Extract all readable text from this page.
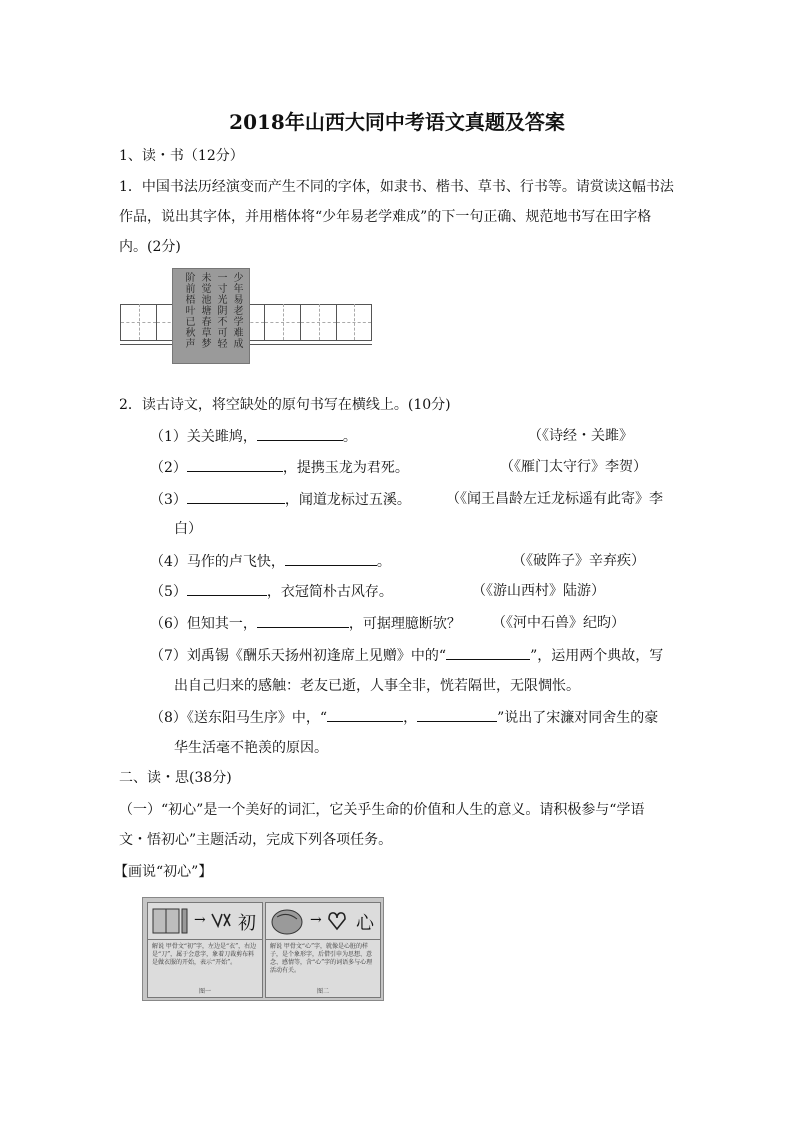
2018年山西大同中考语文真题及答案
1、读・书（12分）
1．中国书法历经演变而产生不同的字体，如隶书、楷书、草书、行书等。请赏读这幅书法
作品，说出其字体，并用楷体将“少年易老学难成”的下一句正确、规范地书写在田字格
内。(2分)
少年易老学难成
一寸光阴不可轻
未觉池塘春草梦
阶前梧叶已秋声
2．读古诗文，将空缺处的原句书写在横线上。(10分)
（1）关关雎鸠，	。	（《诗经・关雎》
（2）	，提携玉龙为君死。	（《雁门太守行》李贺）
（3）	，闻道龙标过五溪。	（《闻王昌龄左迁龙标遥有此寄》李
白）
（4）马作的卢飞快，	。	（《破阵子》辛弃疾）
（5）	，衣冠简朴古风存。	（《游山西村》陆游）
（6）但知其一，	，可据理臆断欤？ （《河中石兽》纪昀）
（7）刘禹锡《酬乐天扬州初逢席上见赠》中的“	”，运用两个典故，写
出自己归来的感触：老友已逝，人事全非，恍若隔世，无限惆怅。
（8）《送东阳马生序》中，“	，	”说出了宋濂对同舍生的豪
华生活毫不艳羡的原因。
二、读・思(38分)
（一）“初心”是一个美好的词汇，它关乎生命的价值和人生的意义。请积极参与“学语
文・悟初心”主题活动，完成下列各项任务。
【画说“初心”】
→ 初
解说 甲骨文“初”字，左边是“衣”，右边是“刀”，属于会意字，象着刀裁剪布料是做衣服的开始，表示“开始”。
图一
→ 心
解说 甲骨文“心”字，就像是心脏的样子，是个象形字，后借引申为思想、意念、感情等，含“心”字的词语多与心理活动有关。
图二
